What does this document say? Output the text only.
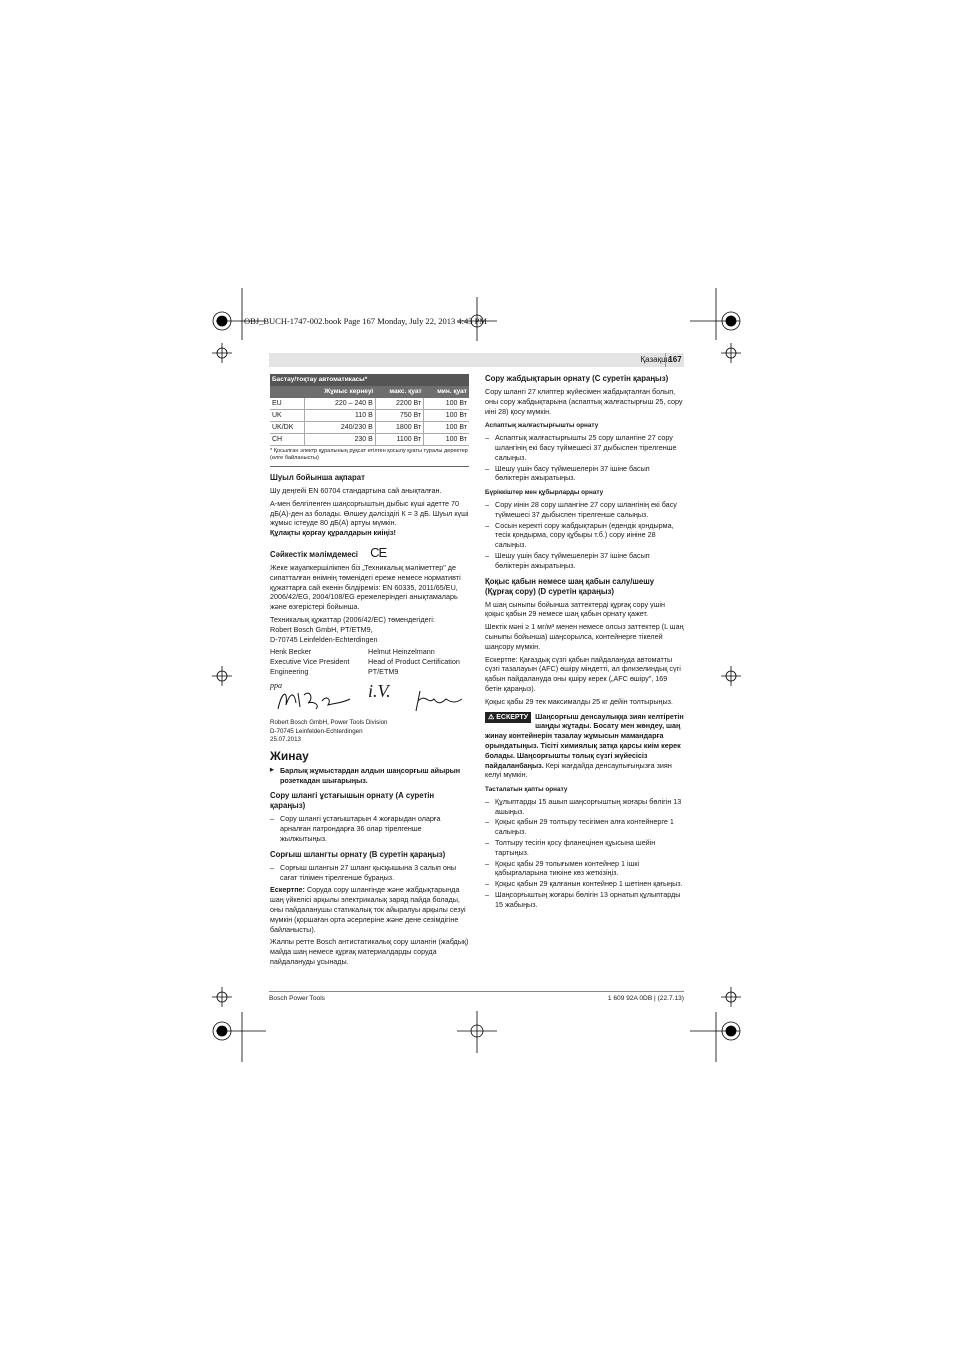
OBJ_BUCH-1747-002.book Page 167 Monday, July 22, 2013 4:43 PM
Қазақша
167
Бастау/тоқтау автоматикасы*			
	Жұмыс кернеуі	макс. қуат	мин. қуат
EU	220 – 240 В	2200 Вт	100 Вт
UK	110 В	750 Вт	100 Вт
UK/DK	240/230 В	1800 Вт	100 Вт
CH	230 В	1100 Вт	100 Вт
* Қосылған электр құралының рұқсат етілген қосылу қуаты туралы деректер (өлге байланысты)
Шуыл бойынша ақпарат

Шу деңгейі EN 60704 стандартына сай анықталған.

А-мен белгіленген шаңсорғыштың дыбыс күші әдетте 70 дБ(А)-ден аз болады. Өлшеу дәлсіздігі К = 3 дБ. Шуыл күші жұмыс істеуде 80 дБ(А) артуы мүмкін.

Құлақты қорғау құралдарын киіңіз!

Сәйкестік мәлімдемесі CE

Жеке жауапкершілікпен біз „Техникалық мәліметтер" де сипатталған өнімнің төменідегі ереже немесе нормативті құжаттарға сай екенін білдіреміз: EN 60335, 2011/65/EU, 2006/42/EG, 2004/108/EG ережелеріндегі анықтамаларь және өзгерістері бойынша.

Техникалық құжаттар (2006/42/EC) төмендегідегі:

Robert Bosch GmbH, PT/ETM9,

D-70745 Leinfelden-Echterdingen

Henk Becker	Helmut Heinzelmann
Executive Vice President	Head of Product Certification
Engineering	PT/ETM9
ppa	i.V.
Robert Bosch GmbH, Power Tools Division
D-70745 Leinfelden-Echterdingen
25.07.2013
Жинау
▶ Барлық жұмыстардан алдын шаңсорғыш айырын розеткадан шығарыңыз.
Сору шлангі ұстағышын орнату (А суретін қараңыз)
– Сору шлангі ұстағыштарын 4 жоғарыдан оларға арналған патрондарға 36 олар тірелгенше жылжытыңыз.
Сорғыш шлангты орнату (В суретін қараңыз)
– Сорғыш шлангын 27 шланг қысқышына 3 салып оны сағат тілімен тірелгенше бұраңыз.

Ескертпе: Соруда сору шлангінде және жабдықтарында шаң үйкелісі арқылы электрикалық заряд пайда болады, оны пайдаланушы статикалық ток айыралуы арқылы сезуі мүмкін (қоршаған орта әсерлеріне және дене сезімдігіне байланысты).

Жалпы ретте Bosch антистатикалық сору шлангін (жабдық) майда шаң немесе құрғақ материалдарды соруда пайдалануды ұсынады.

Сору жабдықтарын орнату (С суретін қараңыз)

Сору шлангі 27 клиптер жүйесімен жабдықталған болып, оны сору жабдықтарына (аспаптық жалғастырғыш 25, сору иіні 28) қосу мүмкін.

Аспаптық жалғастырғышты орнату
– Аспаптық жалғастырғышты 25 сору шлангіне 27 сору шлангінің екі басу түймешесі 37 дыбыспен тірелгенше салыңыз.
– Шешу үшін басу түймешелерін 37 ішіне басып бөліктерін ажыратыңыз.
Бүріккіштер мен құбырларды орнату
– Сору иінін 28 сору шлангіне 27 сору шлангінің екі басу түймешесі 37 дыбыспен тірелгенше салыңыз.
– Сосын керекті сору жабдықтарын (едендік қондырма, тесік қондырма, сору құбыры т.б.) сору иініне 28 салыңыз.
– Шешу үшін басу түймешелерін 37 ішіне басып бөліктерін ажыратыңыз.
Қоқыс қабын немесе шаң қабын салу/шешу (Құрғақ сору) (D суретін қараңыз)

М шаң сыныпы бойынша заттектерді құрғақ сору үшін қоқыс қабын 29 немесе шаң қабын орнату қажет.

Шектік мәні ≥ 1 мг/м³ менен немесе олсыз заттектер (L шаң сыныпы бойынша) шаңсорылса, контейнерге тікелей шаңсору мүмкін.

Ескертпе: Қағаздық сүзгі қабын пайдалануда автоматты сүзгі тазалауын (AFC) өшіру міндетті, ал флизелиндық сүгі қабын пайдалануда оны қшіру керек („AFC өшіру", 169 бетін қараңыз).

Қоқыс қабы 29 тек максималды 25 кг дейін толтырыңыз.

⚠ ЕСКЕРТУ Шаңсорғыш денсаулыққа зиян келтіретін шаңды жұтады. Босату мен жөндеу, шаң жинау контейнерін тазалау жұмысын мамандарға орындатыңыз. Тісіті химиялық затқа қарсы киім керек болады. Шаңсорғышты толық сүзгі жүйесісіз пайдаланбаңыз. Кері жағдайда денсаулығыңызға зиян келуі мүмкін.

Тасталатын қапты орнату
– Құлыптарды 15 ашып шаңсорғыштың жоғары бөлігін 13 ашыңыз.
– Қоқыс қабын 29 толтыру тесігімен алға контейнерге 1 салыңыз.
– Толтыру тесігін қосу фланецінен құысына шейін тартыңыз.
– Қоқыс қабы 29 толығымен контейнер 1 ішкі қабырғаларына тиюіне көз жеткізіңіз.
– Қоқыс қабын 29 қалғанын контейнер 1 шетінен қағыңыз.
– Шаңсорғыштың жоғары бөлігін 13 орнатып құлыптарды 15 жабыңыз.
Bosch Power Tools	1 609 92A 0DB | (22.7.13)
